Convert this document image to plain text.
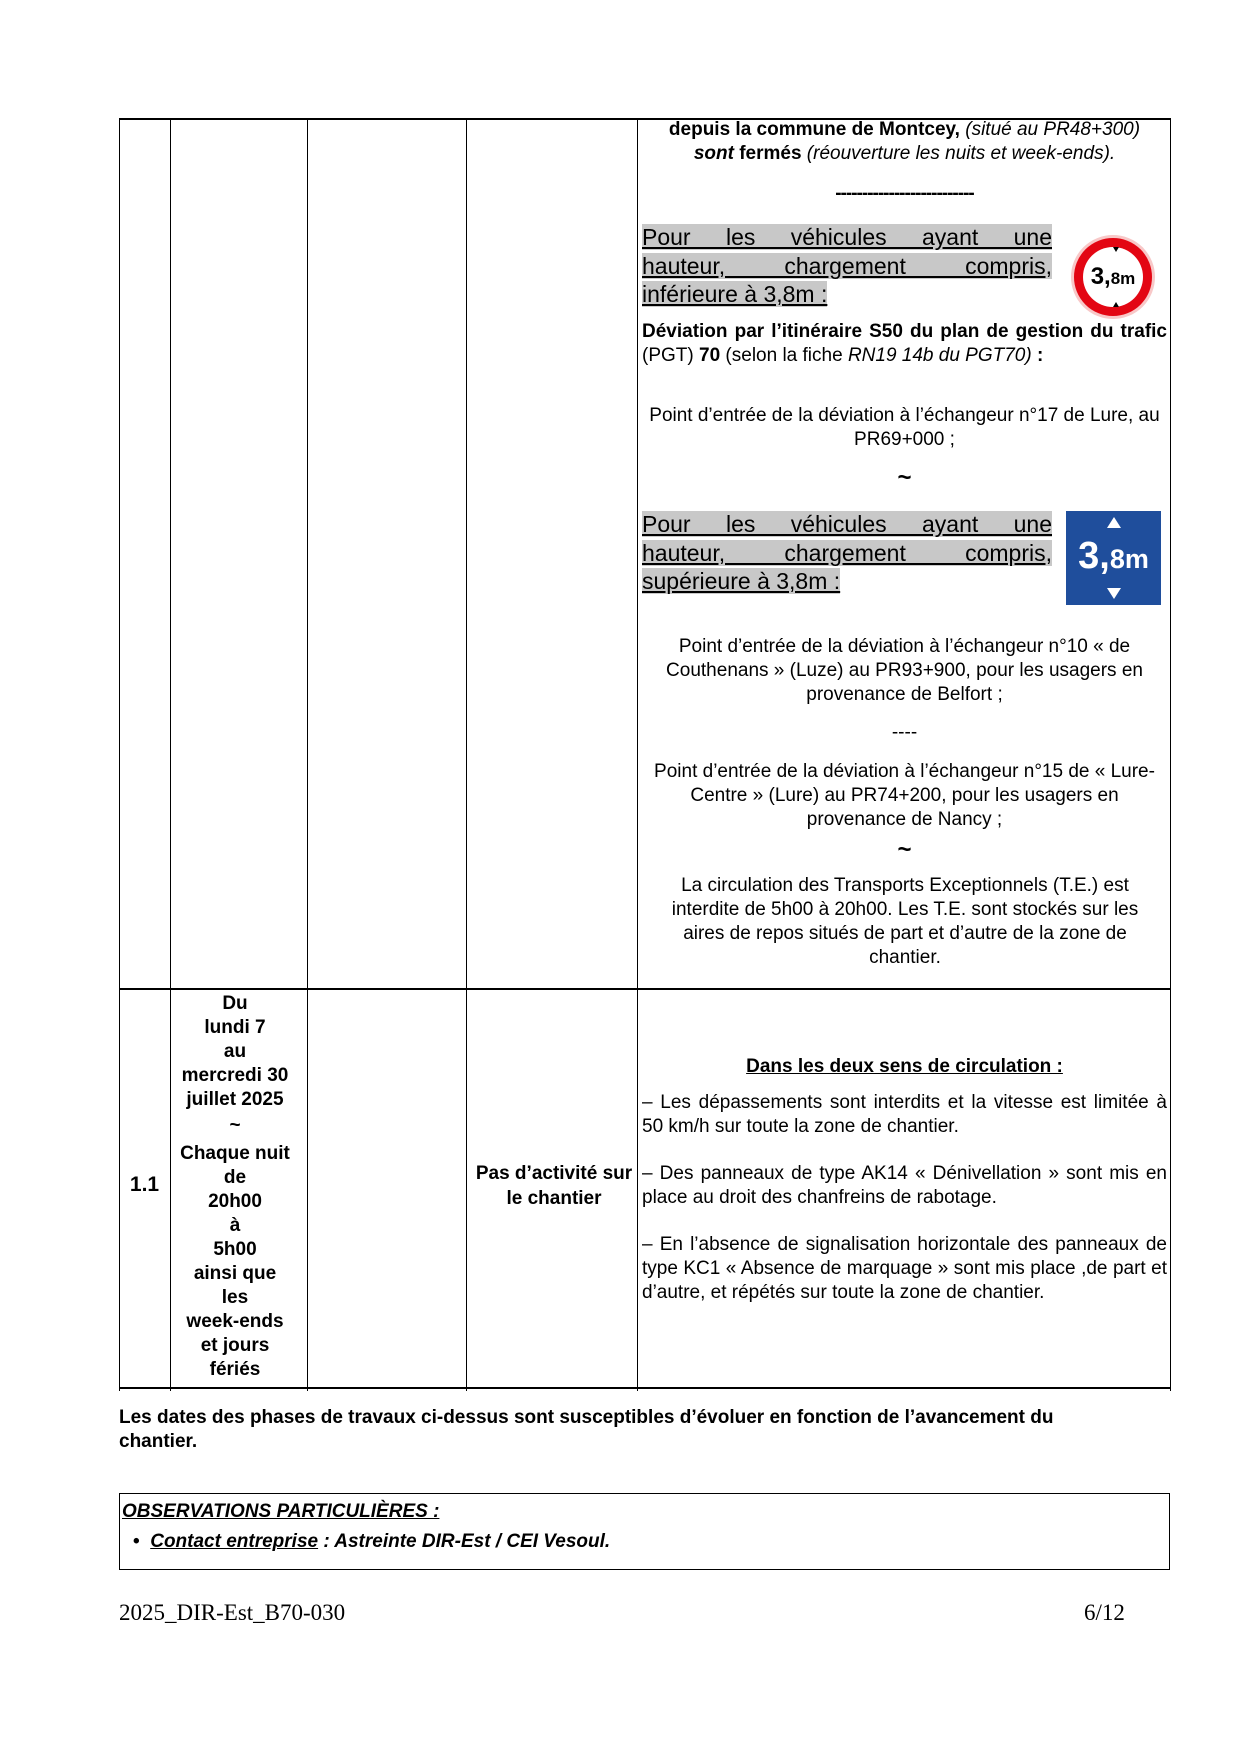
depuis la commune de Montcey, (situé au PR48+300)
sont fermés (réouverture les nuits et week-ends).
--------------------------
Pour les véhicules ayant une
hauteur, chargement compris,
inférieure à 3,8m :
3,8m
Déviation par l’itinéraire S50 du plan de gestion du trafic (PGT) 70 (selon la fiche RN19 14b du PGT70) :
Point d’entrée de la déviation à l’échangeur n°17 de Lure, au PR69+000 ;
~
Pour les véhicules ayant une
hauteur, chargement compris,
supérieure à 3,8m :
3,8m
Point d’entrée de la déviation à l’échangeur n°10 « de Couthenans » (Luze) au PR93+900, pour les usagers en provenance de Belfort ;
----
Point d’entrée de la déviation à l’échangeur n°15 de « Lure-Centre » (Lure) au PR74+200, pour les usagers en provenance de Nancy ;
~
La circulation des Transports Exceptionnels (T.E.) est interdite de 5h00 à 20h00. Les T.E. sont stockés sur les aires de repos situés de part et d’autre de la zone de chantier.
1.1
Du
lundi 7
au
mercredi 30
juillet 2025
~
Chaque nuit
de
20h00
à
5h00
ainsi que
les
week-ends
et jours
fériés
Pas d’activité sur le chantier
Dans les deux sens de circulation :
– Les dépassements sont interdits et la vitesse est limitée à 50 km/h sur toute la zone de chantier.
– Des panneaux de type AK14 « Dénivellation » sont mis en place au droit des chanfreins de rabotage.
– En l’absence de signalisation horizontale des panneaux de type KC1 « Absence de marquage » sont mis place ,de part et d’autre, et répétés sur toute la zone de chantier.
Les dates des phases de travaux ci-dessus sont susceptibles d’évoluer en fonction de l’avancement du chantier.
OBSERVATIONS PARTICULIÈRES :
• Contact entreprise : Astreinte DIR-Est / CEI Vesoul.
2025_DIR-Est_B70-030	6/12
